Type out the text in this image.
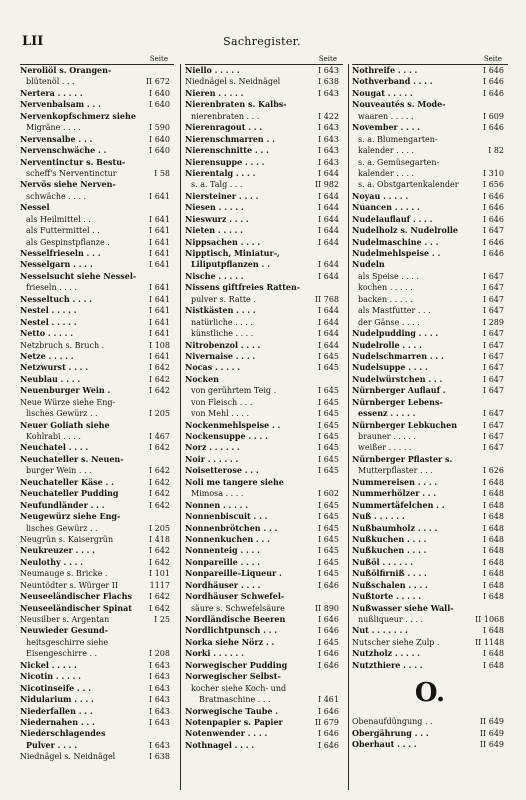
LII	Sachregister.
Seite
Neroliöl s. Orangen-
blütenöl . . .	II 672
Nertera . . . . .	I 640
Nervenbalsam . . .	I 640
Nervenkopfschmerz siehe
Migräne . . . .	I 590
Nervensalbe . . .	I 640
Nervenschwäche . .	I 640
Nerventinctur s. Bestu-
scheff's Nerventinctur	I 58
Nervös siehe Nerven-
schwäche . . . .	I 641
Nessel
als Heilmittel . .	I 641
als Futtermittel . .	I 641
als Gespinstpflanze .	I 641
Nesselfrieseln . . .	I 641
Nesselgarn . . . .	I 641
Nesselsucht siehe Nessel-
frieseln . . . .	I 641
Nesseltuch . . . .	I 641
Nestel . . . . .	I 641
Nestel . . . . .	I 641
Netto . . . . .	I 641
Netzbruch s. Bruch .	I 108
Netze . . . . .	I 641
Netzwurst . . . .	I 642
Neublau . . . .	I 642
Neuenburger Wein .	I 642
Neue Würze siehe Eng-
lisches Gewürz . .	I 205
Neuer Goliath siehe
Kohlrabi . . . .	I 467
Neuchatel . . . .	I 642
Neuchateller s. Neuen-
burger Wein . . .	I 642
Neuchateller Käse . .	I 642
Neuchateller Pudding	I 642
Neufundländer . . .	I 642
Neugewürz siehe Eng-
lisches Gewürz . .	I 205
Neugrün s. Kaisergrün	I 418
Neukreuzer . . . .	I 642
Neulothy . . . .	I 642
Neumauge s. Bricke .	I 101
Neuntödter s. Würger II	1117
Neuseeländischer Flachs	I 642
Neuseeländischer Spinat	I 642
Neusilber s. Argentan	I 25
Neuwieder Gesund-
heitsgeschirre siehe
Eisengeschirre . .	I 208
Nickel . . . . .	I 643
Nicotin . . . . .	I 643
Nicotinseife . . .	I 643
Nidularium . . . .	I 643
Niederfallen . . .	I 643
Niedernahen . . .	I 643
Niederschlagendes
Pulver . . . .	I 643
Niednägel s. Neidnägel	I 638
Seite
Niello . . . . .	I 643
Niednägel s. Neidnägel	I 638
Nieren . . . . .	I 643
Nierenbraten s. Kalbs-
nierenbraten . . .	I 422
Nierenragout . . .	I 643
Nierenschmarren . .	I 643
Nierenschnitte . . .	I 643
Nierensuppe . . . .	I 643
Nierentalg . . . .	I 644
s. a. Talg . . .	II 982
Niersteiner . . . .	I 644
Niesen . . . . .	I 644
Nieswurz . . . .	I 644
Nieten . . . . .	I 644
Nippsachen . . . .	I 644
Nipptisch, Miniatur-,
Liliputpflanzen . .	I 644
Nische . . . . .	I 644
Nissens giftfreies Ratten-
pulver s. Ratte .	II 768
Nistkästen . . . .	I 644
natürliche . . . .	I 644
künstliche . . . .	I 644
Nitrobenzol . . . .	I 644
Nivernaise . . . .	I 645
Nocas . . . . .	I 645
Nocken
von gerührtem Teig .	I 645
von Fleisch . . .	I 645
von Mehl . . . .	I 645
Nockenmehlspeise . .	I 645
Nockensuppe . . . .	I 645
Norz . . . . . .	I 645
Noir . . . . . .	I 645
Noisetterose . . .	I 645
Noli me tangere siehe
Mimosa . . . .	I 602
Nonnen . . . . .	I 645
Nonnenbiscuit . . .	I 645
Nonnenbrötchen . . .	I 645
Nonnenkuchen . . .	I 645
Nonnenteig . . . .	I 645
Nonpareille . . . .	I 645
Nonpareille-Liqueur .	I 645
Nordhäuser . . . .	I 646
Nordhäuser Schwefel-
säure s. Schwefelsäure	II 890
Nordländische Beeren	I 646
Nordlichtpunsch . . .	I 646
Norka siehe Nörz . .	I 645
Norki . . . . . .	I 646
Norwegischer Pudding	I 646
Norwegischer Selbst-
kocher siehe Koch- und
Bratmaschine . . .	I 461
Norwegische Taube .	I 646
Notenpapier s. Papier	II 679
Notenwender . . . .	I 646
Nothnagel . . . .	I 646
Seite
Nothreife . . . .	I 646
Nothverband . . . .	I 646
Nougat . . . . .	I 646
Nouveautés s. Mode-
waaren . . . . .	I 609
November . . . .	I 646
s. a. Blumengarten-
kalender . . . .	I 82
s. a. Gemüsegarten-
kalender . . . .	I 310
s. a. Obstgartenkalender	I 656
Noyau . . . . .	I 646
Nuancen . . . . .	I 646
Nudelauflauf . . . .	I 646
Nudelholz s. Nudelrolle	I 647
Nudelmaschine . . .	I 646
Nudelmehlspeise . .	I 646
Nudeln
als Speise . . . .	I 647
kochen . . . . .	I 647
backen . . . . .	I 647
als Mastfutter . . .	I 647
der Gänse . . . .	I 289
Nudelpudding . . . .	I 647
Nudelrolle . . . .	I 647
Nudelschmarren . . .	I 647
Nudelsuppe . . . .	I 647
Nudelwürstchen . . .	I 647
Nürnberger Auflauf .	I 647
Nürnberger Lebens-
essenz . . . . .	I 647
Nürnberger Lebkuchen	I 647
brauner . . . . .	I 647
weißer . . . . .	I 647
Nürnberger Pflaster s.
Mutterpflaster . . .	I 626
Nummereisen . . . .	I 648
Nummerhölzer . . .	I 648
Nummertäfelchen . .	I 648
Nuß . . . . . .	I 648
Nußbaumholz . . . .	I 648
Nußkuchen . . . .	I 648
Nußkuchen . . . .	I 648
Nußöl . . . . . .	I 648
Nußölfirniß . . . .	I 648
Nußschalen . . . .	I 648
Nußtorte . . . . .	I 648
Nußwasser siehe Wall-
nußliqueur . . . .	II 1068
Nut . . . . . . .	I 648
Nutscher siehe Zulp .	II 1148
Nutzholz . . . . .	I 648
Nutzthiere . . . .	I 648
O.
Obenaufdüngung . .	II 649
Obergährung . . .	II 649
Oberhaut . . . .	II 649
